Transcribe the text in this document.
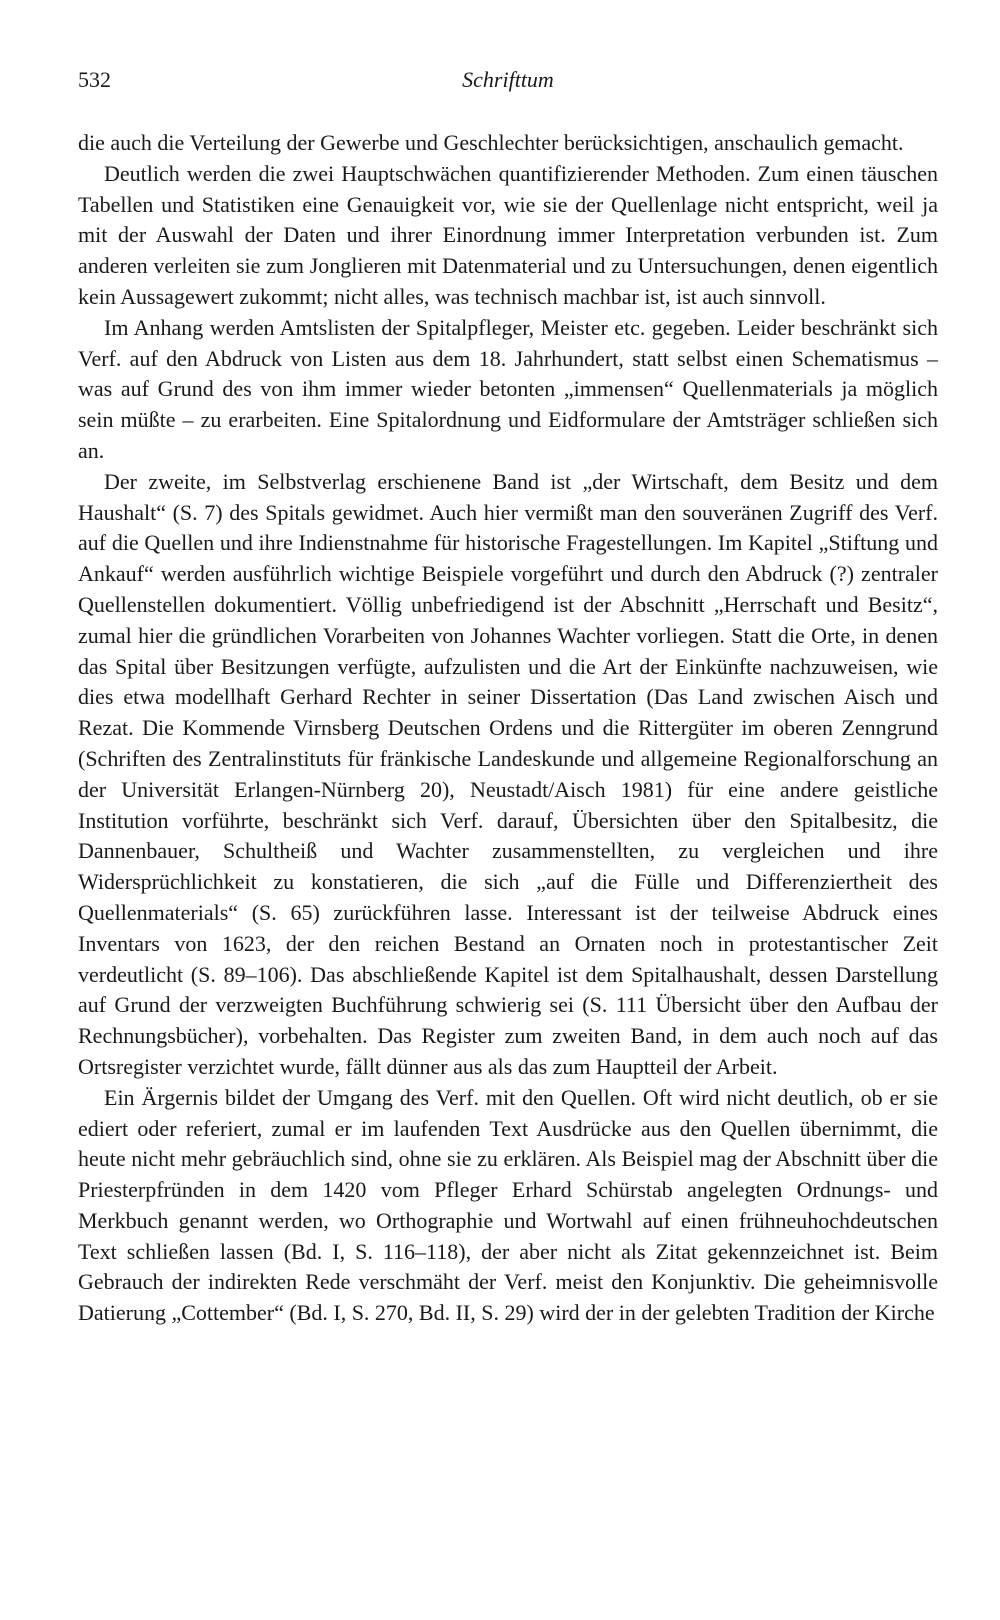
532	Schrifttum

die auch die Verteilung der Gewerbe und Geschlechter berücksichtigen, anschaulich gemacht.

Deutlich werden die zwei Hauptschwächen quantifizierender Methoden. Zum einen täuschen Tabellen und Statistiken eine Genauigkeit vor, wie sie der Quellenlage nicht entspricht, weil ja mit der Auswahl der Daten und ihrer Einordnung immer Interpretation verbunden ist. Zum anderen verleiten sie zum Jonglieren mit Datenmaterial und zu Untersuchungen, denen eigentlich kein Aussagewert zukommt; nicht alles, was technisch machbar ist, ist auch sinnvoll.

Im Anhang werden Amtslisten der Spitalpfleger, Meister etc. gegeben. Leider beschränkt sich Verf. auf den Abdruck von Listen aus dem 18. Jahrhundert, statt selbst einen Schematismus – was auf Grund des von ihm immer wieder betonten „immensen“ Quellenmaterials ja möglich sein müßte – zu erarbeiten. Eine Spitalordnung und Eidformulare der Amtsträger schließen sich an.

Der zweite, im Selbstverlag erschienene Band ist „der Wirtschaft, dem Besitz und dem Haushalt“ (S. 7) des Spitals gewidmet. Auch hier vermißt man den souveränen Zugriff des Verf. auf die Quellen und ihre Indienstnahme für historische Fragestellungen. Im Kapitel „Stiftung und Ankauf“ werden ausführlich wichtige Beispiele vorgeführt und durch den Abdruck (?) zentraler Quellenstellen dokumentiert. Völlig unbefriedigend ist der Abschnitt „Herrschaft und Besitz“, zumal hier die gründlichen Vorarbeiten von Johannes Wachter vorliegen. Statt die Orte, in denen das Spital über Besitzungen verfügte, aufzulisten und die Art der Einkünfte nachzuweisen, wie dies etwa modellhaft Gerhard Rechter in seiner Dissertation (Das Land zwischen Aisch und Rezat. Die Kommende Virnsberg Deutschen Ordens und die Rittergüter im oberen Zenngrund (Schriften des Zentralinstituts für fränkische Landeskunde und allgemeine Regionalforschung an der Universität Erlangen-Nürnberg 20), Neustadt/Aisch 1981) für eine andere geistliche Institution vorführte, beschränkt sich Verf. darauf, Übersichten über den Spitalbesitz, die Dannenbauer, Schultheiß und Wachter zusammenstellten, zu vergleichen und ihre Widersprüchlichkeit zu konstatieren, die sich „auf die Fülle und Differenziertheit des Quellenmaterials“ (S. 65) zurückführen lasse. Interessant ist der teilweise Abdruck eines Inventars von 1623, der den reichen Bestand an Ornaten noch in protestantischer Zeit verdeutlicht (S. 89–106). Das abschließende Kapitel ist dem Spitalhaushalt, dessen Darstellung auf Grund der verzweigten Buchführung schwierig sei (S. 111 Übersicht über den Aufbau der Rechnungsbücher), vorbehalten. Das Register zum zweiten Band, in dem auch noch auf das Ortsregister verzichtet wurde, fällt dünner aus als das zum Hauptteil der Arbeit.

Ein Ärgernis bildet der Umgang des Verf. mit den Quellen. Oft wird nicht deutlich, ob er sie ediert oder referiert, zumal er im laufenden Text Ausdrücke aus den Quellen übernimmt, die heute nicht mehr gebräuchlich sind, ohne sie zu erklären. Als Beispiel mag der Abschnitt über die Priesterpfründen in dem 1420 vom Pfleger Erhard Schürstab angelegten Ordnungs- und Merkbuch genannt werden, wo Orthographie und Wortwahl auf einen frühneuhochdeutschen Text schließen lassen (Bd. I, S. 116–118), der aber nicht als Zitat gekennzeichnet ist. Beim Gebrauch der indirekten Rede verschmäht der Verf. meist den Konjunktiv. Die geheimnisvolle Datierung „Cottember“ (Bd. I, S. 270, Bd. II, S. 29) wird der in der gelebten Tradition der Kirche
